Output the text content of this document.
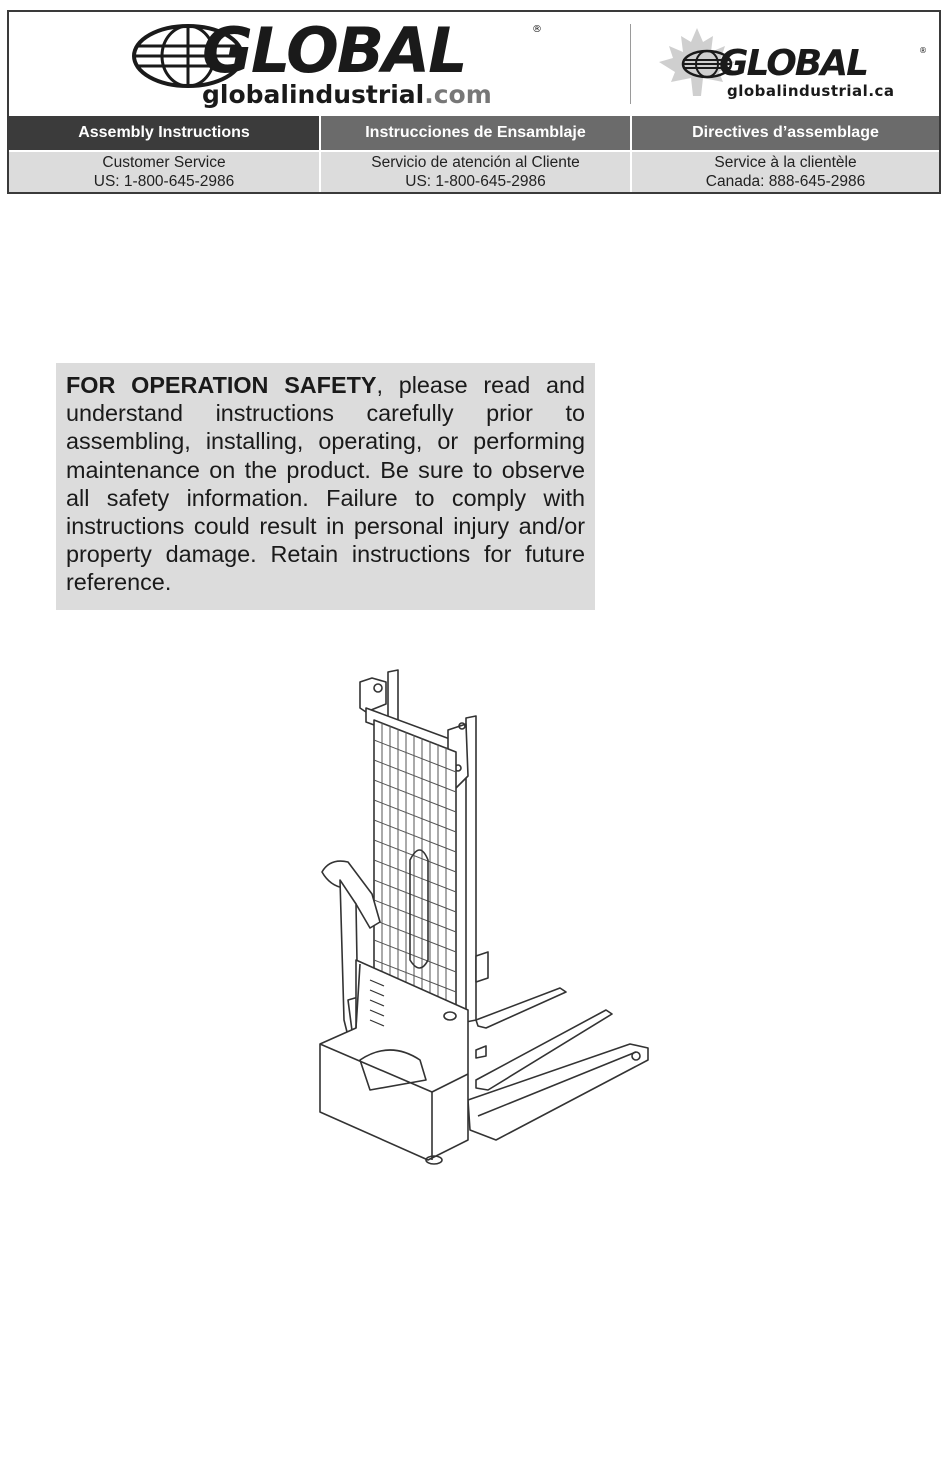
GLOBAL	®
globalindustrial.com
GLOBAL	®
globalindustrial.ca
Assembly Instructions
Customer Service
US: 1-800-645-2986
Instrucciones de Ensamblaje
Servicio de atención al Cliente
US: 1-800-645-2986
Directives d’assemblage
Service à la clientèle
Canada: 888-645-2986
FOR OPERATION SAFETY, please read and understand instructions carefully prior to assembling, installing, operating, or performing maintenance on the product. Be sure to observe all safety information. Failure to comply with instructions could result in personal injury and/or property damage. Retain instructions for future reference.
